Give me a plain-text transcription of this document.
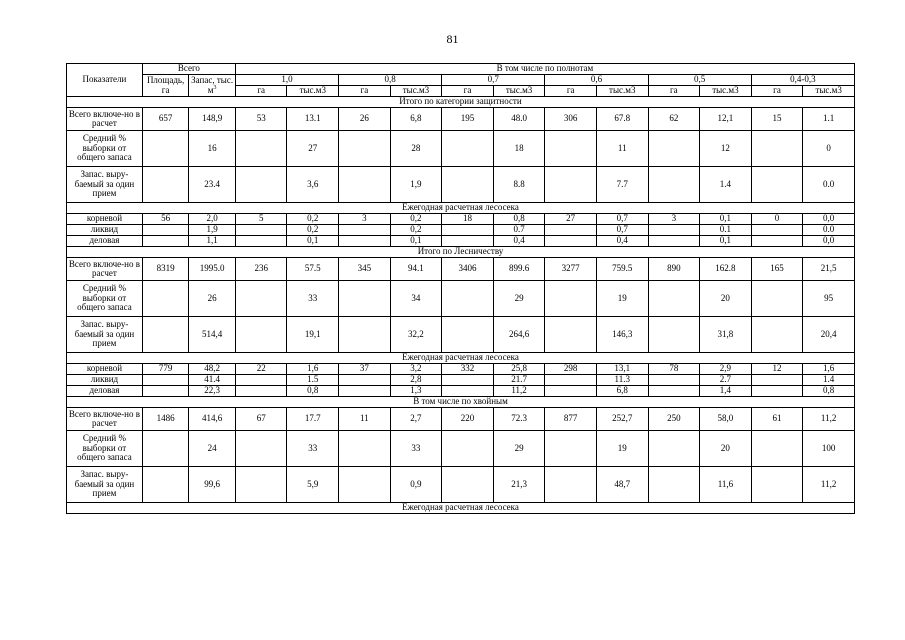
81
Показатели	Всего		В том числе по полнотам											
	Площадь, га	Запас, тыс. $м^3$	1,0		0,8		0,7		0,6		0,5		0,4-0,3	
			га	тыс.м3	га	тыс.м3	га	тыс.м3	га	тыс.м3	га	тыс.м3	га	тыс.м3
Итого по категории защитности														
Всего включе-но в расчет	657	148,9	53	13.1	26	6,8	195	48.0	306	67.8	62	12,1	15	1.1
Средний % выборки от общего запаса		16		27		28		18		11		12		0
Запас. выру-баемый за один прием		23.4		3,6		1,9		8.8		7.7		1.4		0.0
Ежегодная расчетная лесосека														
корневой	56	2,0	5	0,2	3	0,2	18	0,8	27	0,7	3	0,1	0	0,0
ликвид		1,9		0,2		0,2		0.7		0,7		0.1		0.0
деловая		1,1		0,1		0,1		0,4		0,4		0,1		0,0
Итого по Лесничеству														
Всего включе-но в расчет	8319	1995.0	236	57.5	345	94.1	3406	899.6	3277	759.5	890	162.8	165	21,5
Средний % выборки от общего запаса		26		33		34		29		19		20		95
Запас. выру-баемый за один прием		514,4		19,1		32,2		264,6		146,3		31,8		20,4
Ежегодная расчетная лесосека														
корневой	779	48,2	22	1,6	37	3,2	332	25,8	298	13,1	78	2,9	12	1,6
ликвид		41.4		1.5		2,8		21.7		11.3		2.7		1.4
деловая		22,3		0,8		1,3		11,2		6,8		1,4		0,8
В том числе по хвойным														
Всего включе-но в расчет	1486	414,6	67	17.7	11	2,7	220	72.3	877	252,7	250	58,0	61	11,2
Средний % выборки от общего запаса		24		33		33		29		19		20		100
Запас. выру-баемый за один прием		99,6		5,9		0,9		21,3		48,7		11,6		11,2
Ежегодная расчетная лесосека														
